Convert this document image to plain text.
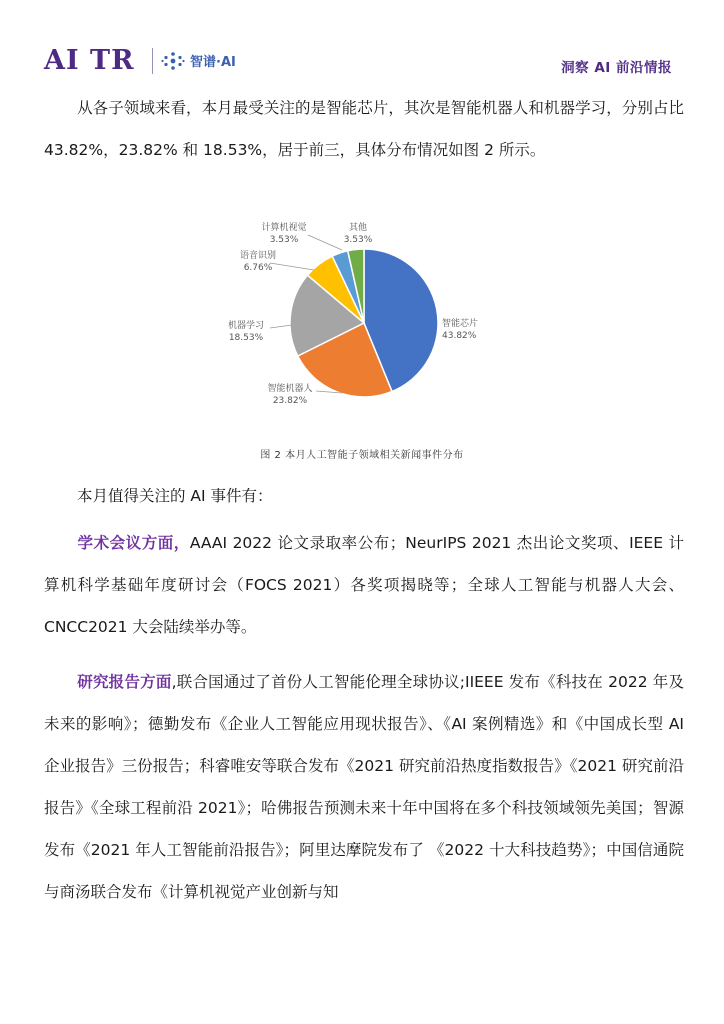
AI TR	智谱·AI	洞察 AI 前沿情报
从各子领域来看，本月最受关注的是智能芯片，其次是智能机器人和机器学习，分别占比 43.82%，23.82% 和 18.53%，居于前三，具体分布情况如图 2 所示。
智能芯片
43.82%
智能机器人
23.82%
机器学习
18.53%
语音识别
6.76%
计算机视觉
3.53%
其他
3.53%
图 2 本月人工智能子领域相关新闻事件分布
本月值得关注的 AI 事件有：
学术会议方面，AAAI 2022 论文录取率公布；NeurIPS 2021 杰出论文奖项、IEEE 计算机科学基础年度研讨会（FOCS 2021）各奖项揭晓等；全球人工智能与机器人大会、CNCC2021 大会陆续举办等。
研究报告方面,联合国通过了首份人工智能伦理全球协议;IIEEE 发布《科技在 2022 年及未来的影响》；德勤发布《企业人工智能应用现状报告》、《AI 案例精选》和《中国成长型 AI 企业报告》三份报告；科睿唯安等联合发布《2021 研究前沿热度指数报告》《2021 研究前沿报告》《全球工程前沿 2021》；哈佛报告预测未来十年中国将在多个科技领域领先美国；智源发布《2021 年人工智能前沿报告》；阿里达摩院发布了 《2022 十大科技趋势》；中国信通院与商汤联合发布《计算机视觉产业创新与知
